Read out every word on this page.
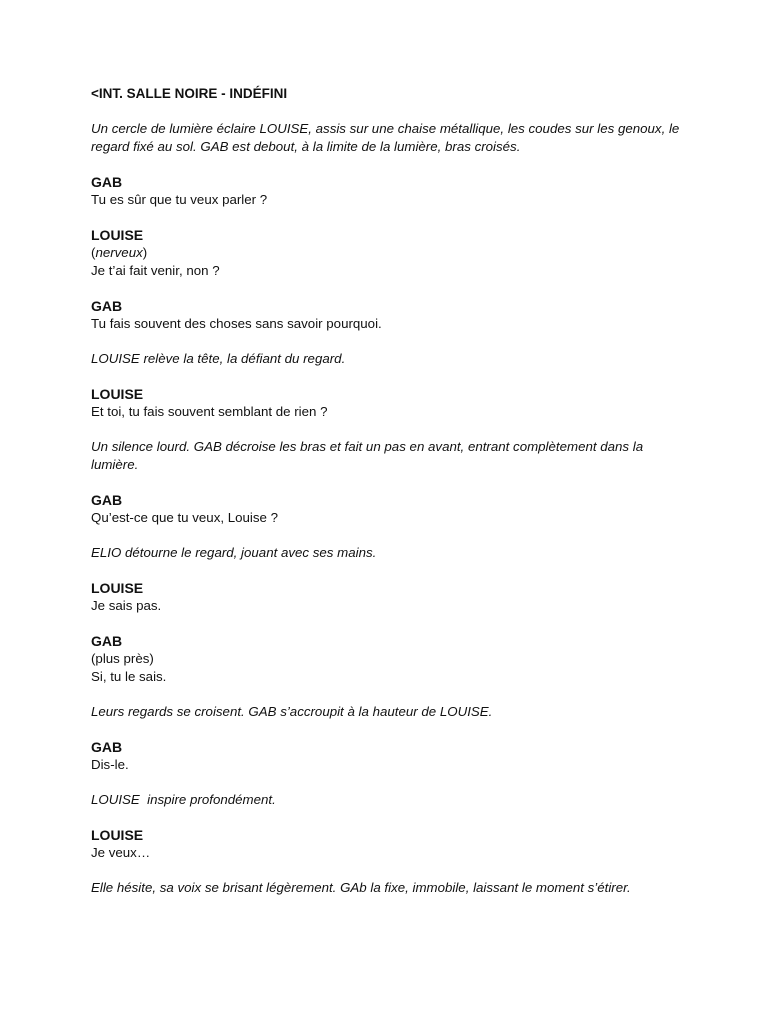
<INT. SALLE NOIRE - INDÉFINI
Un cercle de lumière éclaire LOUISE, assis sur une chaise métallique, les coudes sur les genoux, le regard fixé au sol. GAB est debout, à la limite de la lumière, bras croisés.
GAB
Tu es sûr que tu veux parler ?
LOUISE
(nerveux)
Je t’ai fait venir, non ?
GAB
Tu fais souvent des choses sans savoir pourquoi.
LOUISE relève la tête, la défiant du regard.
LOUISE
Et toi, tu fais souvent semblant de rien ?
Un silence lourd. GAB décroise les bras et fait un pas en avant, entrant complètement dans la lumière.
GAB
Qu’est-ce que tu veux, Louise ?
ELIO détourne le regard, jouant avec ses mains.
LOUISE
Je sais pas.
GAB
(plus près)
Si, tu le sais.
Leurs regards se croisent. GAB s’accroupit à la hauteur de LOUISE.
GAB
Dis-le.
LOUISE  inspire profondément.
LOUISE
Je veux…
Elle hésite, sa voix se brisant légèrement. GAb la fixe, immobile, laissant le moment s’étirer.
